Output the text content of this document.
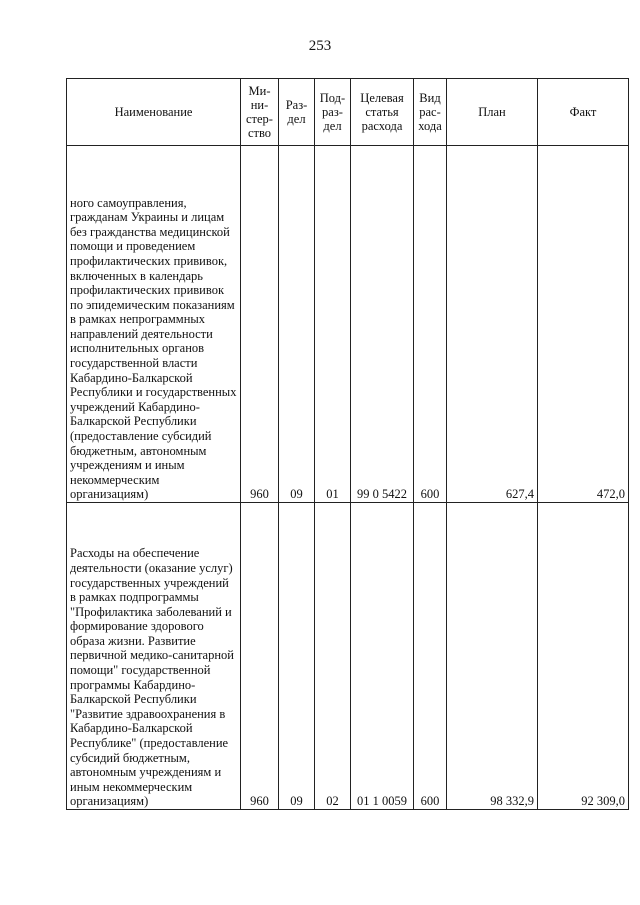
253
Наименование	Ми-
ни-
стер-
ство	Раз-
дел	Под-
раз-
дел	Целевая
статья
расхода	Вид
рас-
хода	План	Факт
ного самоуправления, гражданам Украины и лицам без гражданства медицинской помощи и проведением профилактических прививок, включенных в календарь профилактических прививок по эпидемическим показаниям в рамках непрограммных направлений деятельности исполнительных органов государственной власти Кабардино-Балкарской Республики и государственных учреждений Кабардино-Балкарской Республики (предоставление субсидий бюджетным, автономным учреждениям и иным некоммерческим организациям)	960	09	01	99 0 5422	600	627,4	472,0
Расходы на обеспечение деятельности (оказание услуг) государственных учреждений в рамках подпрограммы "Профилактика заболеваний и формирование здорового образа жизни. Развитие первичной медико-санитарной помощи" государственной программы Кабардино-Балкарской Республики "Развитие здравоохранения в Кабардино-Балкарской Республике" (предоставление субсидий бюджетным, автономным учреждениям и иным некоммерческим организациям)	960	09	02	01 1 0059	600	98 332,9	92 309,0
